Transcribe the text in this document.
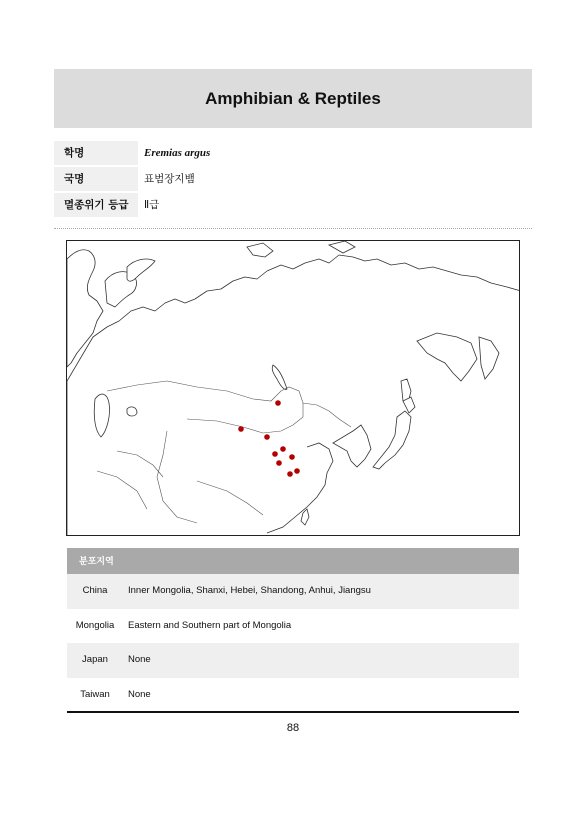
Amphibian & Reptiles
학명	Eremias argus
국명	표범장지뱀
멸종위기 등급	Ⅱ급
분포지역
China	Inner Mongolia, Shanxi, Hebei, Shandong, Anhui, Jiangsu
Mongolia	Eastern and Southern part of Mongolia
Japan	None
Taiwan	None
88
